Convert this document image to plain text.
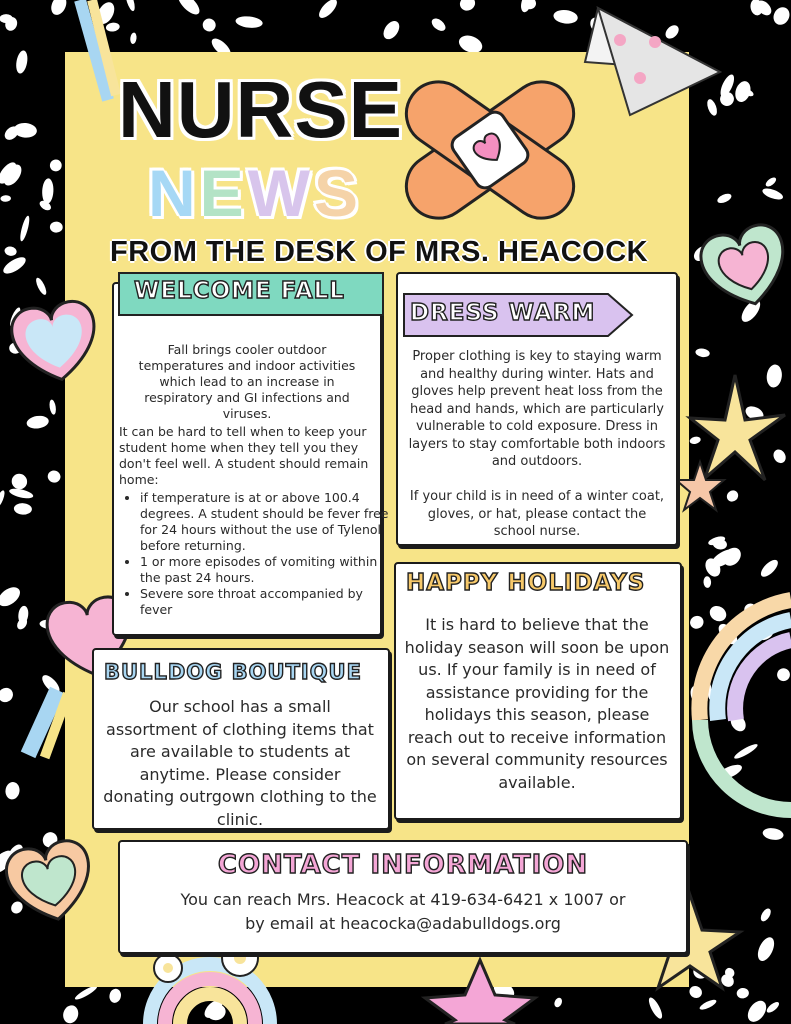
NURSE
NEWS
FROM THE DESK OF MRS. HEACOCK
WELCOME FALL
Fall brings cooler outdoor temperatures and indoor activities which lead to an increase in respiratory and GI infections and viruses.
It can be hard to tell when to keep your student home when they tell you they don't feel well. A student should remain home:
• if temperature is at or above 100.4 degrees. A student should be fever free for 24 hours without the use of Tylenol before returning.
• 1 or more episodes of vomiting within the past 24 hours.
• Severe sore throat accompanied by fever
DRESS WARM
Proper clothing is key to staying warm and healthy during winter. Hats and gloves help prevent heat loss from the head and hands, which are particularly vulnerable to cold exposure. Dress in layers to stay comfortable both indoors and outdoors.
If your child is in need of a winter coat, gloves, or hat, please contact the school nurse.
HAPPY HOLIDAYS
It is hard to believe that the holiday season will soon be upon us. If your family is in need of assistance providing for the holidays this season, please reach out to receive information on several community resources available.
BULLDOG BOUTIQUE
Our school has a small assortment of clothing items that are available to students at anytime. Please consider donating outrgown clothing to the clinic.
CONTACT INFORMATION
You can reach Mrs. Heacock at 419-634-6421 x 1007 or
by email at heacocka@adabulldogs.org
